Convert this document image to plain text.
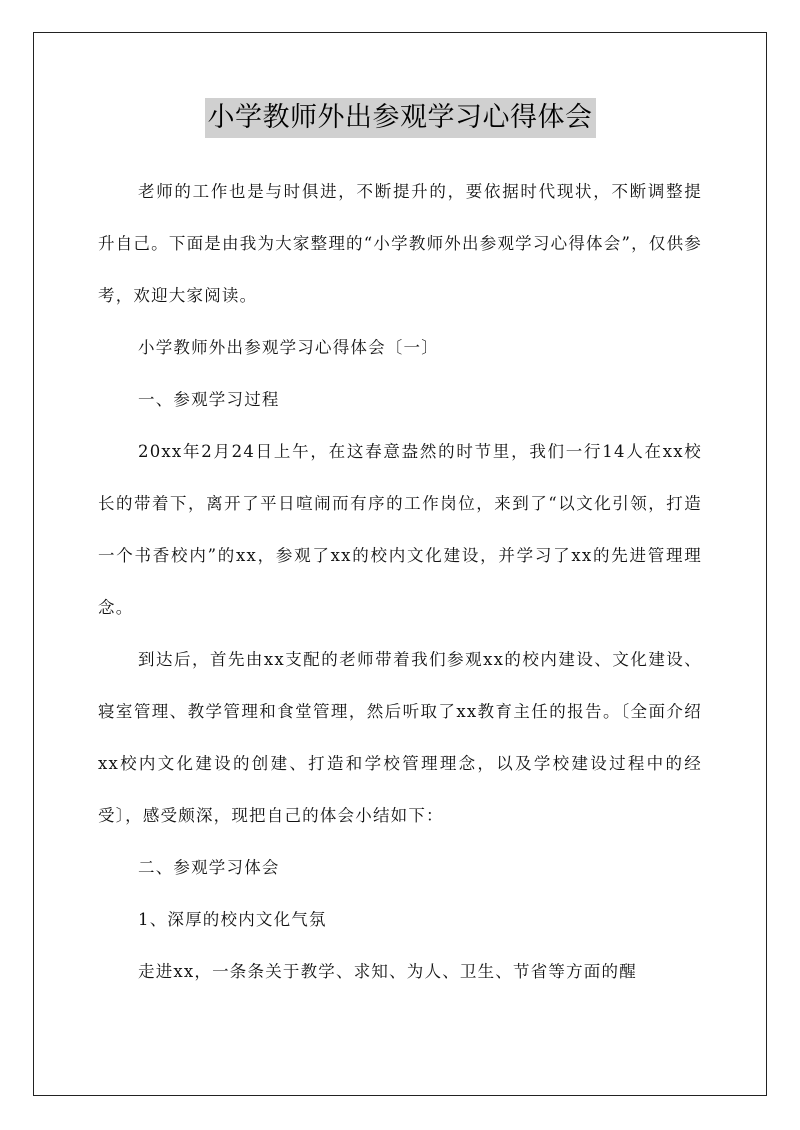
小学教师外出参观学习心得体会

老师的工作也是与时俱进，不断提升的，要依据时代现状，不断调整提升自己。下面是由我为大家整理的“小学教师外出参观学习心得体会”，仅供参考，欢迎大家阅读。

小学教师外出参观学习心得体会〔一〕

一、参观学习过程

20xx年2月24日上午，在这春意盎然的时节里，我们一行14人在xx校长的带着下，离开了平日喧闹而有序的工作岗位，来到了“以文化引领，打造一个书香校内”的xx，参观了xx的校内文化建设，并学习了xx的先进管理理念。

到达后，首先由xx支配的老师带着我们参观xx的校内建设、文化建设、寝室管理、教学管理和食堂管理，然后听取了xx教育主任的报告。〔全面介绍xx校内文化建设的创建、打造和学校管理理念，以及学校建设过程中的经受〕，感受颇深，现把自己的体会小结如下：

二、参观学习体会

1、深厚的校内文化气氛

走进xx，一条条关于教学、求知、为人、卫生、节省等方面的醒
